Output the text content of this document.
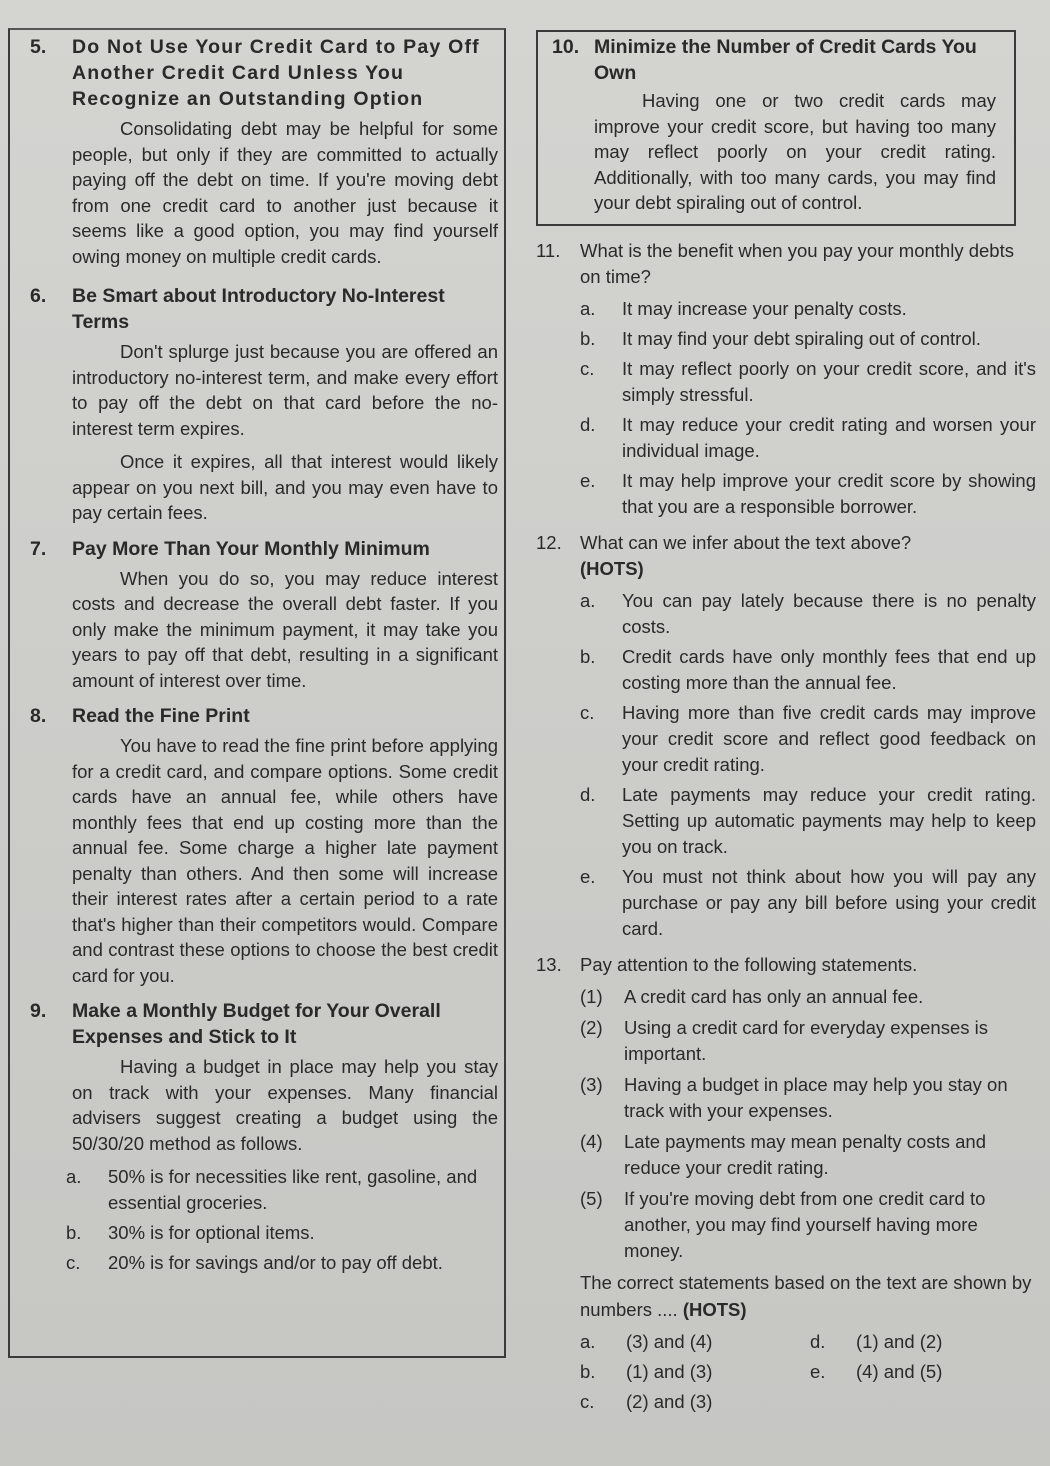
5.	Do Not Use Your Credit Card to Pay Off Another Credit Card Unless You Recognize an Outstanding Option

Consolidating debt may be helpful for some people, but only if they are committed to actually paying off the debt on time. If you're moving debt from one credit card to another just because it seems like a good option, you may find yourself owing money on multiple credit cards.

6.	Be Smart about Introductory No-Interest Terms

Don't splurge just because you are offered an introductory no-interest term, and make every effort to pay off the debt on that card before the no-interest term expires.

Once it expires, all that interest would likely appear on you next bill, and you may even have to pay certain fees.

7.	Pay More Than Your Monthly Minimum

When you do so, you may reduce interest costs and decrease the overall debt faster. If you only make the minimum payment, it may take you years to pay off that debt, resulting in a significant amount of interest over time.

8.	Read the Fine Print

You have to read the fine print before applying for a credit card, and compare options. Some credit cards have an annual fee, while others have monthly fees that end up costing more than the annual fee. Some charge a higher late payment penalty than others. And then some will increase their interest rates after a certain period to a rate that's higher than their competitors would. Compare and contrast these options to choose the best credit card for you.

9.	Make a Monthly Budget for Your Overall Expenses and Stick to It

Having a budget in place may help you stay on track with your expenses. Many financial advisers suggest creating a budget using the 50/30/20 method as follows.

a.	50% is for necessities like rent, gasoline, and essential groceries.
b.	30% is for optional items.
c.	20% is for savings and/or to pay off debt.
10. Minimize the Number of Credit Cards You Own

Having one or two credit cards may improve your credit score, but having too many may reflect poorly on your credit rating. Additionally, with too many cards, you may find your debt spiraling out of control.

11.	What is the benefit when you pay your monthly debts on time?
a.	It may increase your penalty costs.
b.	It may find your debt spiraling out of control.
c.	It may reflect poorly on your credit score, and it's simply stressful.
d.	It may reduce your credit rating and worsen your individual image.
e.	It may help improve your credit score by showing that you are a responsible borrower.
12. What can we infer about the text above?
(HOTS)
a.	You can pay lately because there is no penalty costs.
b.	Credit cards have only monthly fees that end up costing more than the annual fee.
c.	Having more than five credit cards may improve your credit score and reflect good feedback on your credit rating.
d.	Late payments may reduce your credit rating. Setting up automatic payments may help to keep you on track.
e.	You must not think about how you will pay any purchase or pay any bill before using your credit card.
13. Pay attention to the following statements.
(1)	A credit card has only an annual fee.
(2)	Using a credit card for everyday expenses is important.
(3)	Having a budget in place may help you stay on track with your expenses.
(4)	Late payments may mean penalty costs and reduce your credit rating.
(5)	If you're moving debt from one credit card to another, you may find yourself having more money.
The correct statements based on the text are shown by numbers .... (HOTS)
a.	(3) and (4)	d.	(1) and (2)
b.	(1) and (3)	e.	(4) and (5)
c.	(2) and (3)
